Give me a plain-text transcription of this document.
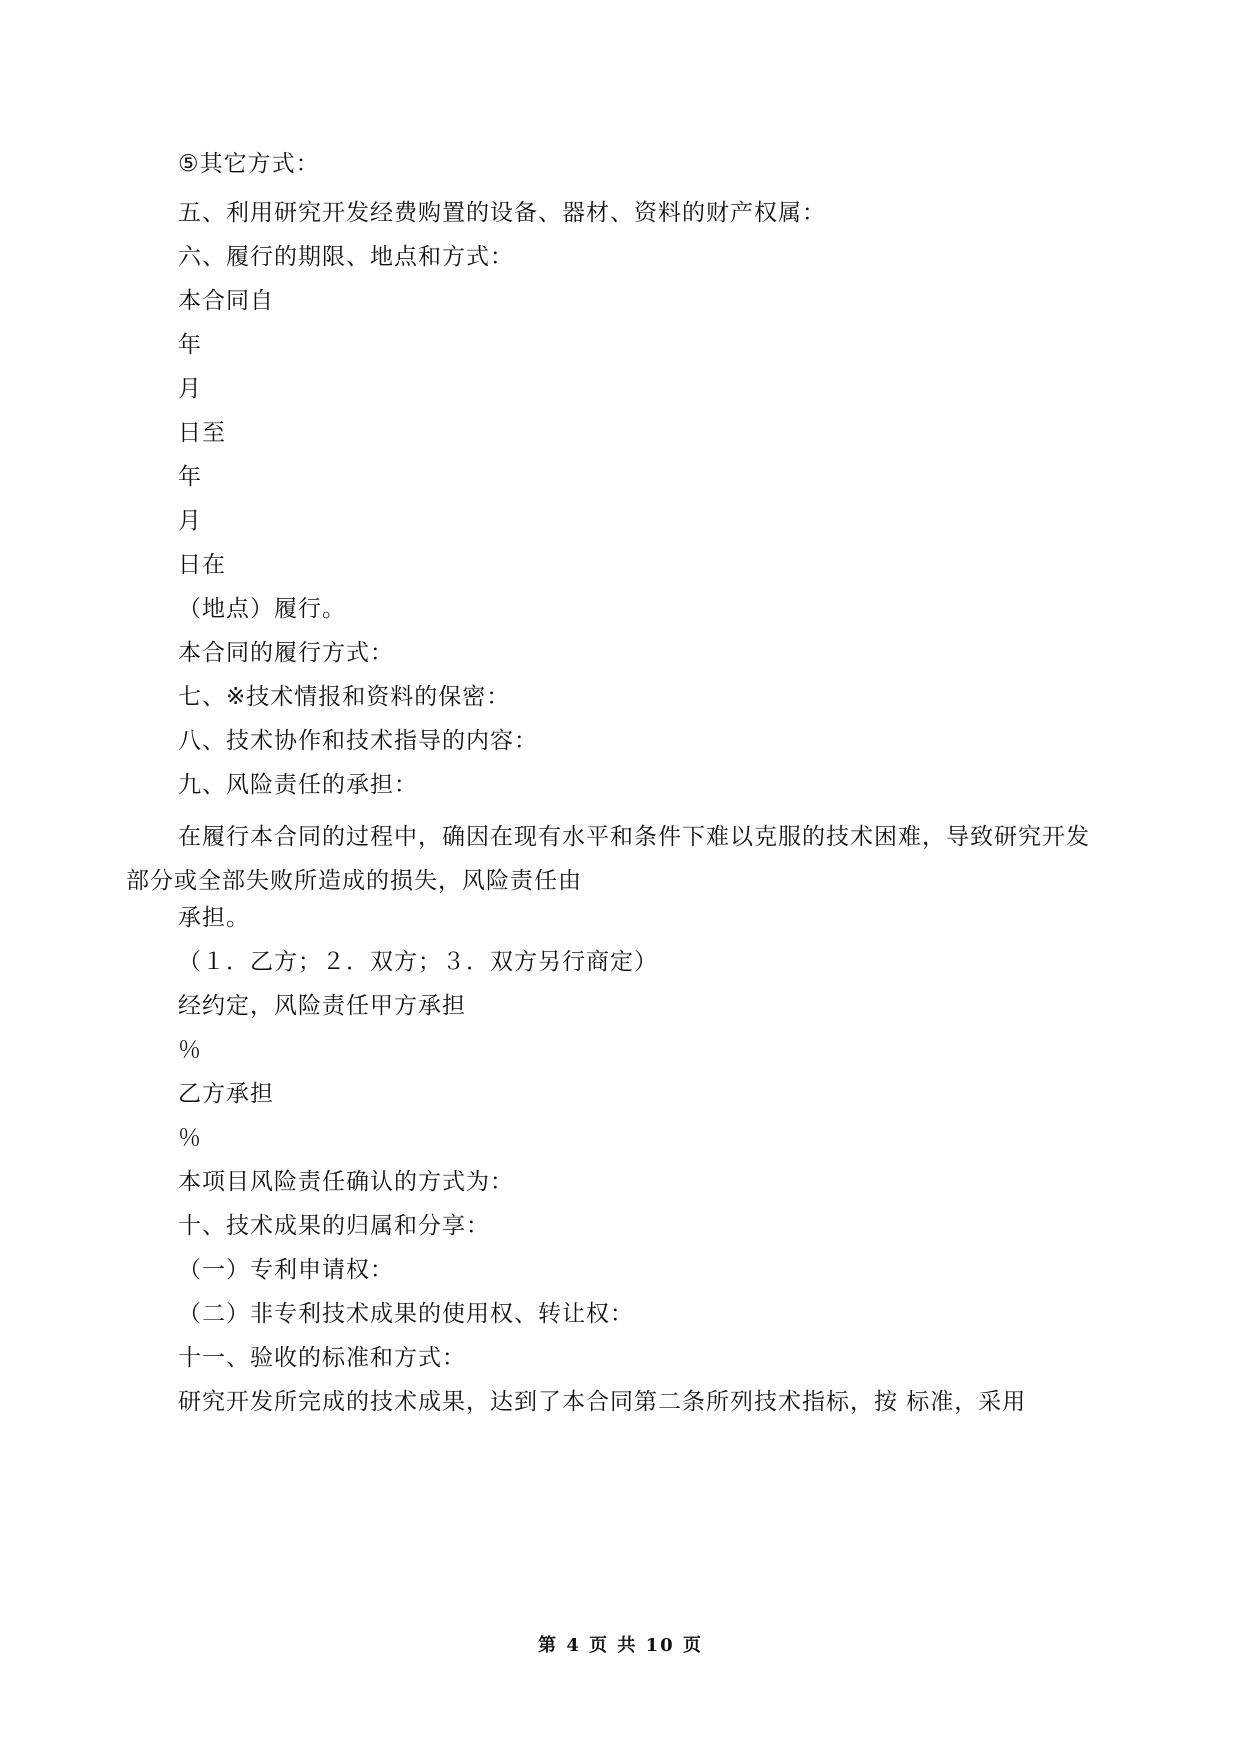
⑤其它方式：

五、利用研究开发经费购置的设备、器材、资料的财产权属：

六、履行的期限、地点和方式：

本合同自

年

月

日至

年

月

日在

（地点）履行。

本合同的履行方式：

七、※技术情报和资料的保密：

八、技术协作和技术指导的内容：

九、风险责任的承担：

在履行本合同的过程中，确因在现有水平和条件下难以克服的技术困难，导致研究开发部分或全部失败所造成的损失，风险责任由

承担。

（１．乙方；２．双方；３．双方另行商定）

经约定，风险责任甲方承担

％

乙方承担

％

本项目风险责任确认的方式为：

十、技术成果的归属和分享：

（一）专利申请权：

（二）非专利技术成果的使用权、转让权：

十一、验收的标准和方式：

研究开发所完成的技术成果，达到了本合同第二条所列技术指标，按 标准，采用

第 4 页 共 10 页
